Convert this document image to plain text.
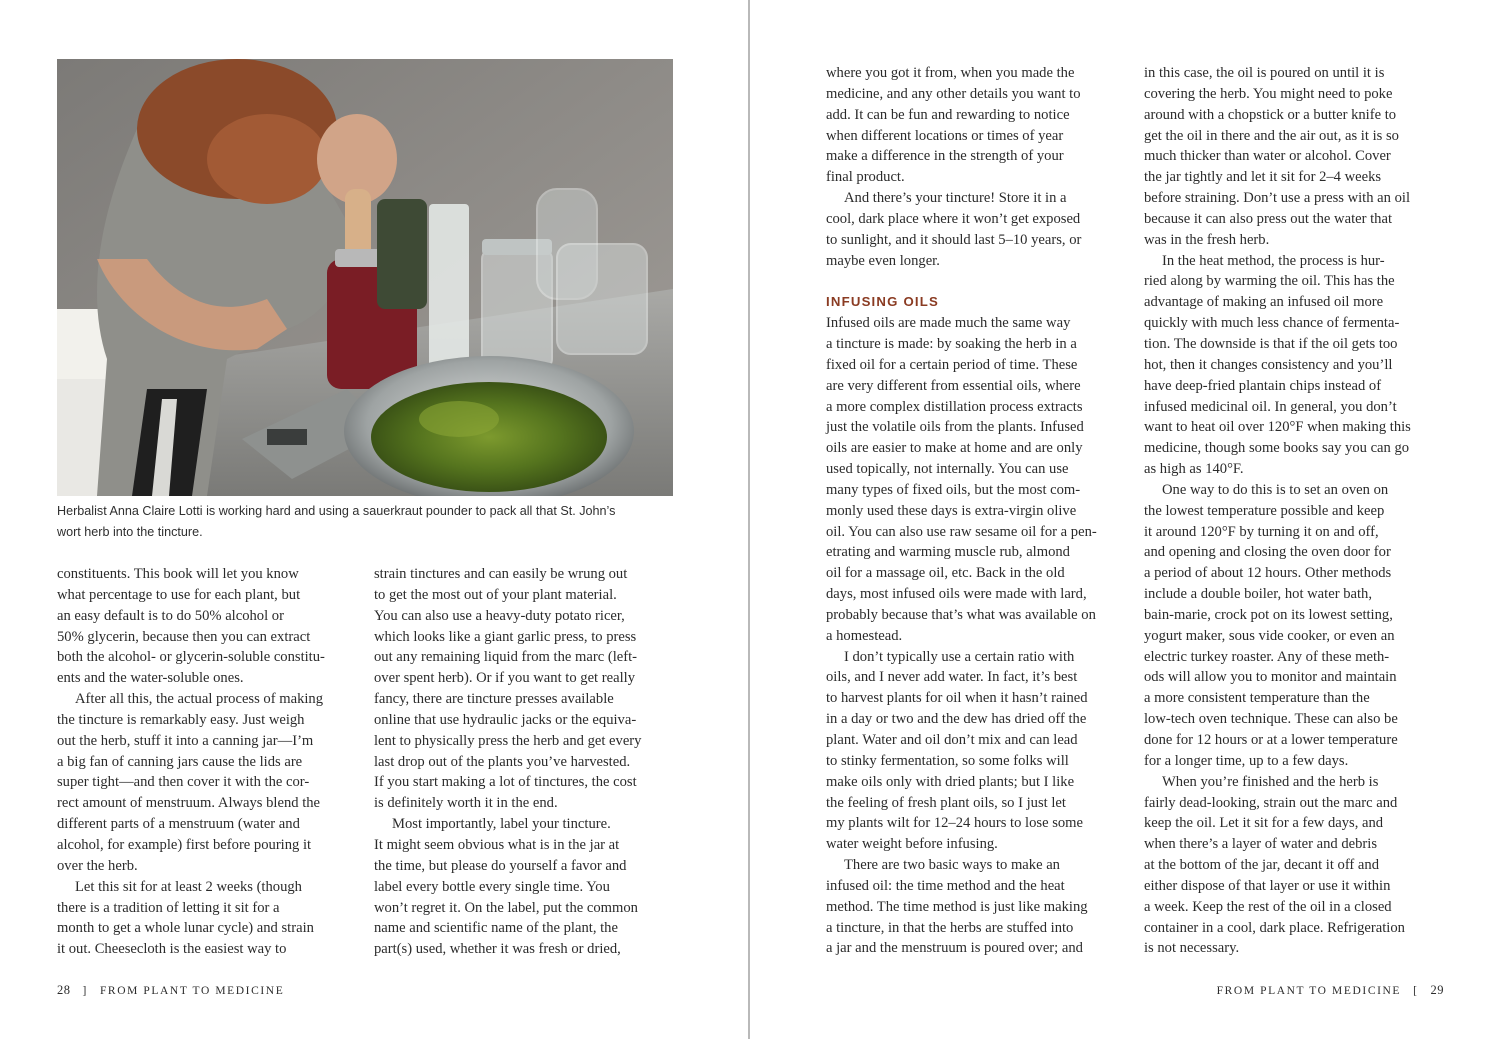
Herbalist Anna Claire Lotti is working hard and using a sauerkraut pounder to pack all that St. John’s
wort herb into the tincture.
constituents. This book will let you know
what percentage to use for each plant, but
an easy default is to do 50% alcohol or
50% glycerin, because then you can extract
both the alcohol- or glycerin-soluble constitu-
ents and the water-soluble ones.
After all this, the actual process of making
the tincture is remarkably easy. Just weigh
out the herb, stuff it into a canning jar—I’m
a big fan of canning jars cause the lids are
super tight—and then cover it with the cor-
rect amount of menstruum. Always blend the
different parts of a menstruum (water and
alcohol, for example) first before pouring it
over the herb.
Let this sit for at least 2 weeks (though
there is a tradition of letting it sit for a
month to get a whole lunar cycle) and strain
it out. Cheesecloth is the easiest way to
strain tinctures and can easily be wrung out
to get the most out of your plant material.
You can also use a heavy-duty potato ricer,
which looks like a giant garlic press, to press
out any remaining liquid from the marc (left-
over spent herb). Or if you want to get really
fancy, there are tincture presses available
online that use hydraulic jacks or the equiva-
lent to physically press the herb and get every
last drop out of the plants you’ve harvested.
If you start making a lot of tinctures, the cost
is definitely worth it in the end.
Most importantly, label your tincture.
It might seem obvious what is in the jar at
the time, but please do yourself a favor and
label every bottle every single time. You
won’t regret it. On the label, put the common
name and scientific name of the plant, the
part(s) used, whether it was fresh or dried,
28 ] FROM PLANT TO MEDICINE
where you got it from, when you made the
medicine, and any other details you want to
add. It can be fun and rewarding to notice
when different locations or times of year
make a difference in the strength of your
final product.
And there’s your tincture! Store it in a
cool, dark place where it won’t get exposed
to sunlight, and it should last 5–10 years, or
maybe even longer.
INFUSING OILS
Infused oils are made much the same way
a tincture is made: by soaking the herb in a
fixed oil for a certain period of time. These
are very different from essential oils, where
a more complex distillation process extracts
just the volatile oils from the plants. Infused
oils are easier to make at home and are only
used topically, not internally. You can use
many types of fixed oils, but the most com-
monly used these days is extra-virgin olive
oil. You can also use raw sesame oil for a pen-
etrating and warming muscle rub, almond
oil for a massage oil, etc. Back in the old
days, most infused oils were made with lard,
probably because that’s what was available on
a homestead.
I don’t typically use a certain ratio with
oils, and I never add water. In fact, it’s best
to harvest plants for oil when it hasn’t rained
in a day or two and the dew has dried off the
plant. Water and oil don’t mix and can lead
to stinky fermentation, so some folks will
make oils only with dried plants; but I like
the feeling of fresh plant oils, so I just let
my plants wilt for 12–24 hours to lose some
water weight before infusing.
There are two basic ways to make an
infused oil: the time method and the heat
method. The time method is just like making
a tincture, in that the herbs are stuffed into
a jar and the menstruum is poured over; and
in this case, the oil is poured on until it is
covering the herb. You might need to poke
around with a chopstick or a butter knife to
get the oil in there and the air out, as it is so
much thicker than water or alcohol. Cover
the jar tightly and let it sit for 2–4 weeks
before straining. Don’t use a press with an oil
because it can also press out the water that
was in the fresh herb.
In the heat method, the process is hur-
ried along by warming the oil. This has the
advantage of making an infused oil more
quickly with much less chance of fermenta-
tion. The downside is that if the oil gets too
hot, then it changes consistency and you’ll
have deep-fried plantain chips instead of
infused medicinal oil. In general, you don’t
want to heat oil over 120°F when making this
medicine, though some books say you can go
as high as 140°F.
One way to do this is to set an oven on
the lowest temperature possible and keep
it around 120°F by turning it on and off,
and opening and closing the oven door for
a period of about 12 hours. Other methods
include a double boiler, hot water bath,
bain-marie, crock pot on its lowest setting,
yogurt maker, sous vide cooker, or even an
electric turkey roaster. Any of these meth-
ods will allow you to monitor and maintain
a more consistent temperature than the
low-tech oven technique. These can also be
done for 12 hours or at a lower temperature
for a longer time, up to a few days.
When you’re finished and the herb is
fairly dead-looking, strain out the marc and
keep the oil. Let it sit for a few days, and
when there’s a layer of water and debris
at the bottom of the jar, decant it off and
either dispose of that layer or use it within
a week. Keep the rest of the oil in a closed
container in a cool, dark place. Refrigeration
is not necessary.
FROM PLANT TO MEDICINE [ 29
